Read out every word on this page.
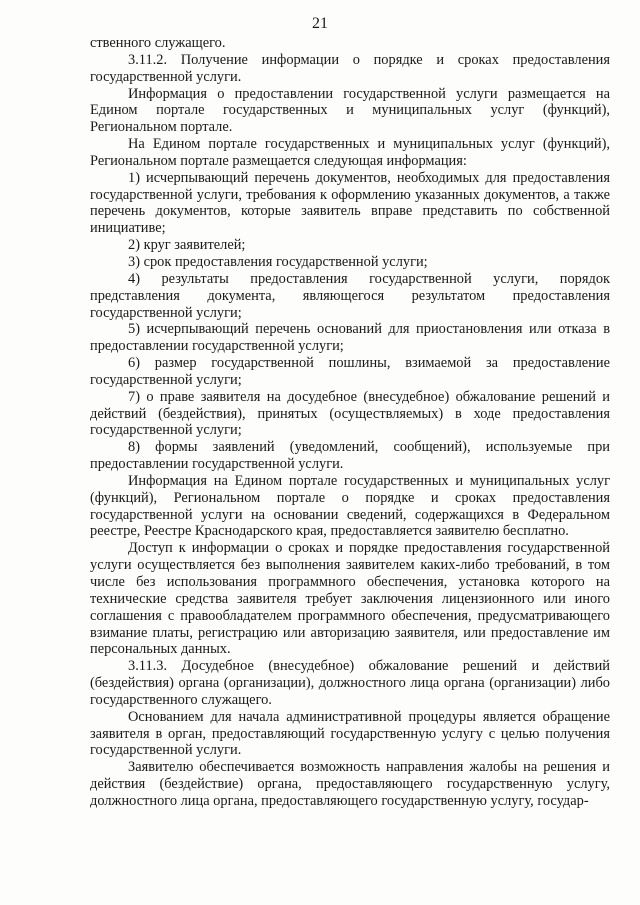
21

ственного служащего.

3.11.2. Получение информации о порядке и сроках предоставления государственной услуги.

Информация о предоставлении государственной услуги размещается на Едином портале государственных и муниципальных услуг (функций), Региональном портале.

На Едином портале государственных и муниципальных услуг (функций), Региональном портале размещается следующая информация:

1) исчерпывающий перечень документов, необходимых для предоставления государственной услуги, требования к оформлению указанных документов, а также перечень документов, которые заявитель вправе представить по собственной инициативе;

2) круг заявителей;

3) срок предоставления государственной услуги;

4) результаты предоставления государственной услуги, порядок представления документа, являющегося результатом предоставления государственной услуги;

5) исчерпывающий перечень оснований для приостановления или отказа в предоставлении государственной услуги;

6) размер государственной пошлины, взимаемой за предоставление государственной услуги;

7) о праве заявителя на досудебное (внесудебное) обжалование решений и действий (бездействия), принятых (осуществляемых) в ходе предоставления государственной услуги;

8) формы заявлений (уведомлений, сообщений), используемые при предоставлении государственной услуги.

Информация на Едином портале государственных и муниципальных услуг (функций), Региональном портале о порядке и сроках предоставления государственной услуги на основании сведений, содержащихся в Федеральном реестре, Реестре Краснодарского края, предоставляется заявителю бесплатно.

Доступ к информации о сроках и порядке предоставления государственной услуги осуществляется без выполнения заявителем каких-либо требований, в том числе без использования программного обеспечения, установка которого на технические средства заявителя требует заключения лицензионного или иного соглашения с правообладателем программного обеспечения, предусматривающего взимание платы, регистрацию или авторизацию заявителя, или предоставление им персональных данных.

3.11.3. Досудебное (внесудебное) обжалование решений и действий (бездействия) органа (организации), должностного лица органа (организации) либо государственного служащего.

Основанием для начала административной процедуры является обращение заявителя в орган, предоставляющий государственную услугу с целью получения государственной услуги.

Заявителю обеспечивается возможность направления жалобы на решения и действия (бездействие) органа, предоставляющего государственную услугу, должностного лица органа, предоставляющего государственную услугу, государ-
